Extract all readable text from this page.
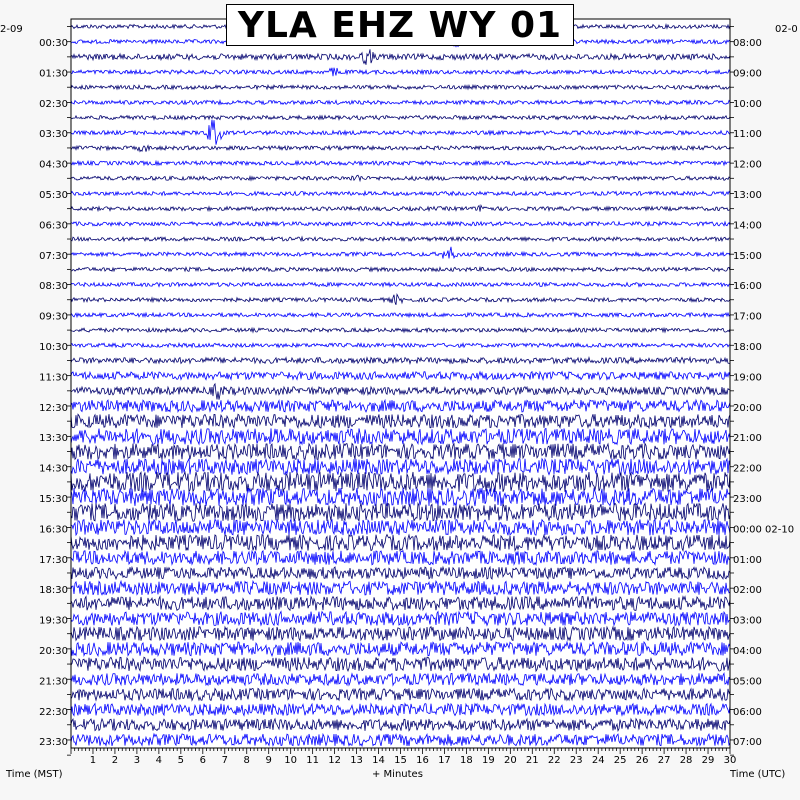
1 2 3 4 5 6 7 8 9 10 11 12 13 14 15 16 17 18 19 20 21 22 23 24 25 26 27 28 29 30
00:30
01:30
02:30
03:30
04:30
05:30
06:30
07:30
08:30
09:30
10:30
11:30
12:30
13:30
14:30
15:30
16:30
17:30
18:30
19:30
20:30
21:30
22:30
23:30
08:00
09:00
10:00
11:00
12:00
13:00
14:00
15:00
16:00
17:00
18:00
19:00
20:00
21:00
22:00
23:00
00:00 02-10
01:00
02:00
03:00
04:00
05:00
06:00
07:00
2-09	02-0
Time (MST)	+ Minutes	Time (UTC)
YLA EHZ WY 01
